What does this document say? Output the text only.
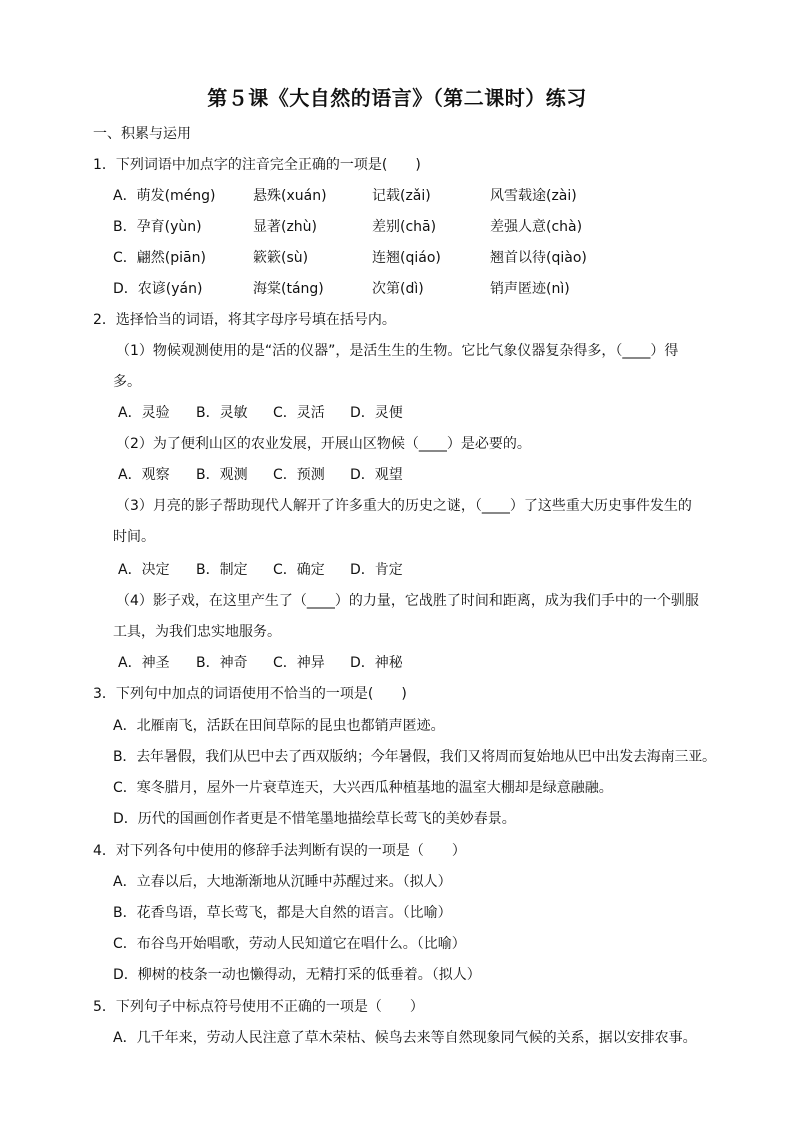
第５课《大自然的语言》（第二课时）练习
一、积累与运用
1．下列词语中加点字的注音完全正确的一项是(　　)
A．萌发(méng)	悬殊(xuán)	记载(zǎi)	风雪载途(zài)
B．孕育(yùn)	显著(zhù)	差别(chā)	差强人意(chà)
C．翩然(piān)	簌簌(sù)	连翘(qiáo)	翘首以待(qiào)
D．农谚(yán)	海棠(táng)	次第(dì)	销声匿迹(nì)
2．选择恰当的词语，将其字母序号填在括号内。
（1）物候观测使用的是“活的仪器”，是活生生的生物。它比气象仪器复杂得多，（____）得
多。
A．灵验 B．灵敏 C．灵活 D．灵便
（2）为了便利山区的农业发展，开展山区物候（____）是必要的。
A．观察 B．观测 C．预测 D．观望
（3）月亮的影子帮助现代人解开了许多重大的历史之谜，（____）了这些重大历史事件发生的
时间。
A．决定 B．制定 C．确定 D．肯定
（4）影子戏，在这里产生了（____）的力量，它战胜了时间和距离，成为我们手中的一个驯服
工具，为我们忠实地服务。
A．神圣 B．神奇 C．神异 D．神秘
3．下列句中加点的词语使用不恰当的一项是(　　)
A．北雁南飞，活跃在田间草际的昆虫也都销声匿迹。
B．去年暑假，我们从巴中去了西双版纳；今年暑假，我们又将周而复始地从巴中出发去海南三亚。
C．寒冬腊月，屋外一片衰草连天，大兴西瓜种植基地的温室大棚却是绿意融融。
D．历代的国画创作者更是不惜笔墨地描绘草长莺飞的美妙春景。
4．对下列各句中使用的修辞手法判断有误的一项是（　　）
A．立春以后，大地渐渐地从沉睡中苏醒过来。（拟人）
B．花香鸟语，草长莺飞，都是大自然的语言。（比喻）
C．布谷鸟开始唱歌，劳动人民知道它在唱什么。（比喻）
D．柳树的枝条一动也懒得动，无精打采的低垂着。（拟人）
5．下列句子中标点符号使用不正确的一项是（　　）
A．几千年来，劳动人民注意了草木荣枯、候鸟去来等自然现象同气候的关系，据以安排农事。
